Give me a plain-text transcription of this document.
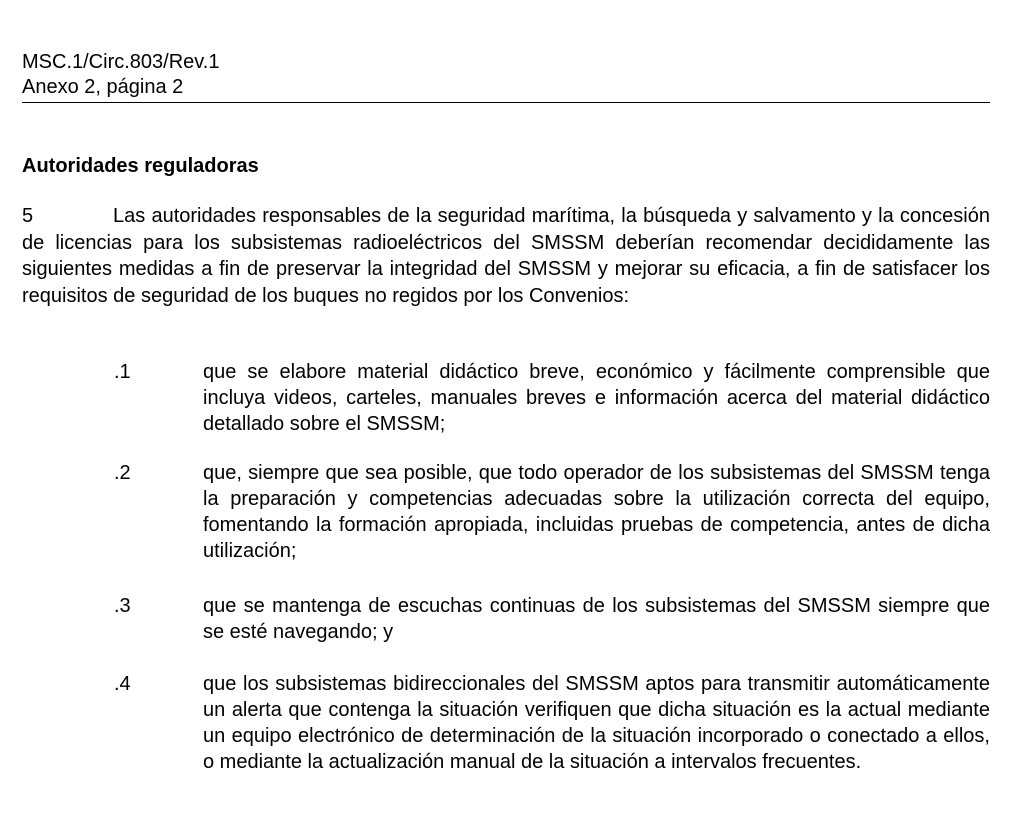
MSC.1/Circ.803/Rev.1
Anexo 2, página 2
Autoridades reguladoras

5	Las autoridades responsables de la seguridad marítima, la búsqueda y salvamento y la concesión de licencias para los subsistemas radioeléctricos del SMSSM deberían recomendar decididamente las siguientes medidas a fin de preservar la integridad del SMSSM y mejorar su eficacia, a fin de satisfacer los requisitos de seguridad de los buques no regidos por los Convenios:

.1	que se elabore material didáctico breve, económico y fácilmente comprensible que incluya videos, carteles, manuales breves e información acerca del material didáctico detallado sobre el SMSSM;
.2	que, siempre que sea posible, que todo operador de los subsistemas del SMSSM tenga la preparación y competencias adecuadas sobre la utilización correcta del equipo, fomentando la formación apropiada, incluidas pruebas de competencia, antes de dicha utilización;
.3	que se mantenga de escuchas continuas de los subsistemas del SMSSM siempre que se esté navegando; y
.4	que los subsistemas bidireccionales del SMSSM aptos para transmitir automáticamente un alerta que contenga la situación verifiquen que dicha situación es la actual mediante un equipo electrónico de determinación de la situación incorporado o conectado a ellos, o mediante la actualización manual de la situación a intervalos frecuentes.
